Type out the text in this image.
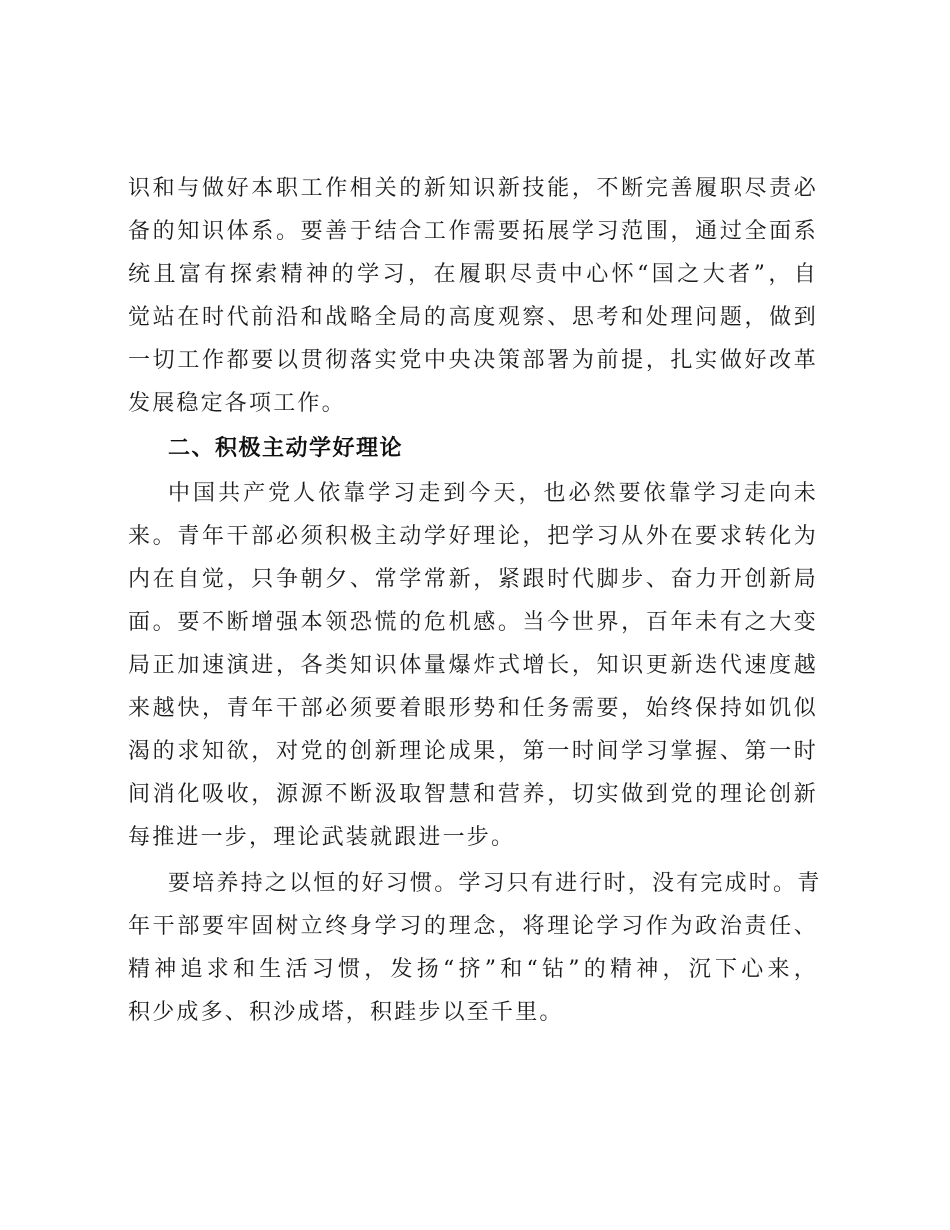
识和与做好本职工作相关的新知识新技能，不断完善履职尽责必
备的知识体系。要善于结合工作需要拓展学习范围，通过全面系
统且富有探索精神的学习，在履职尽责中心怀“国之大者”，自
觉站在时代前沿和战略全局的高度观察、思考和处理问题，做到
一切工作都要以贯彻落实党中央决策部署为前提，扎实做好改革
发展稳定各项工作。
二、积极主动学好理论
中国共产党人依靠学习走到今天，也必然要依靠学习走向未
来。青年干部必须积极主动学好理论，把学习从外在要求转化为
内在自觉，只争朝夕、常学常新，紧跟时代脚步、奋力开创新局
面。要不断增强本领恐慌的危机感。当今世界，百年未有之大变
局正加速演进，各类知识体量爆炸式增长，知识更新迭代速度越
来越快，青年干部必须要着眼形势和任务需要，始终保持如饥似
渴的求知欲，对党的创新理论成果，第一时间学习掌握、第一时
间消化吸收，源源不断汲取智慧和营养，切实做到党的理论创新
每推进一步，理论武装就跟进一步。
要培养持之以恒的好习惯。学习只有进行时，没有完成时。青
年干部要牢固树立终身学习的理念，将理论学习作为政治责任、
精神追求和生活习惯，发扬“挤”和“钻”的精神，沉下心来，
积少成多、积沙成塔，积跬步以至千里。
